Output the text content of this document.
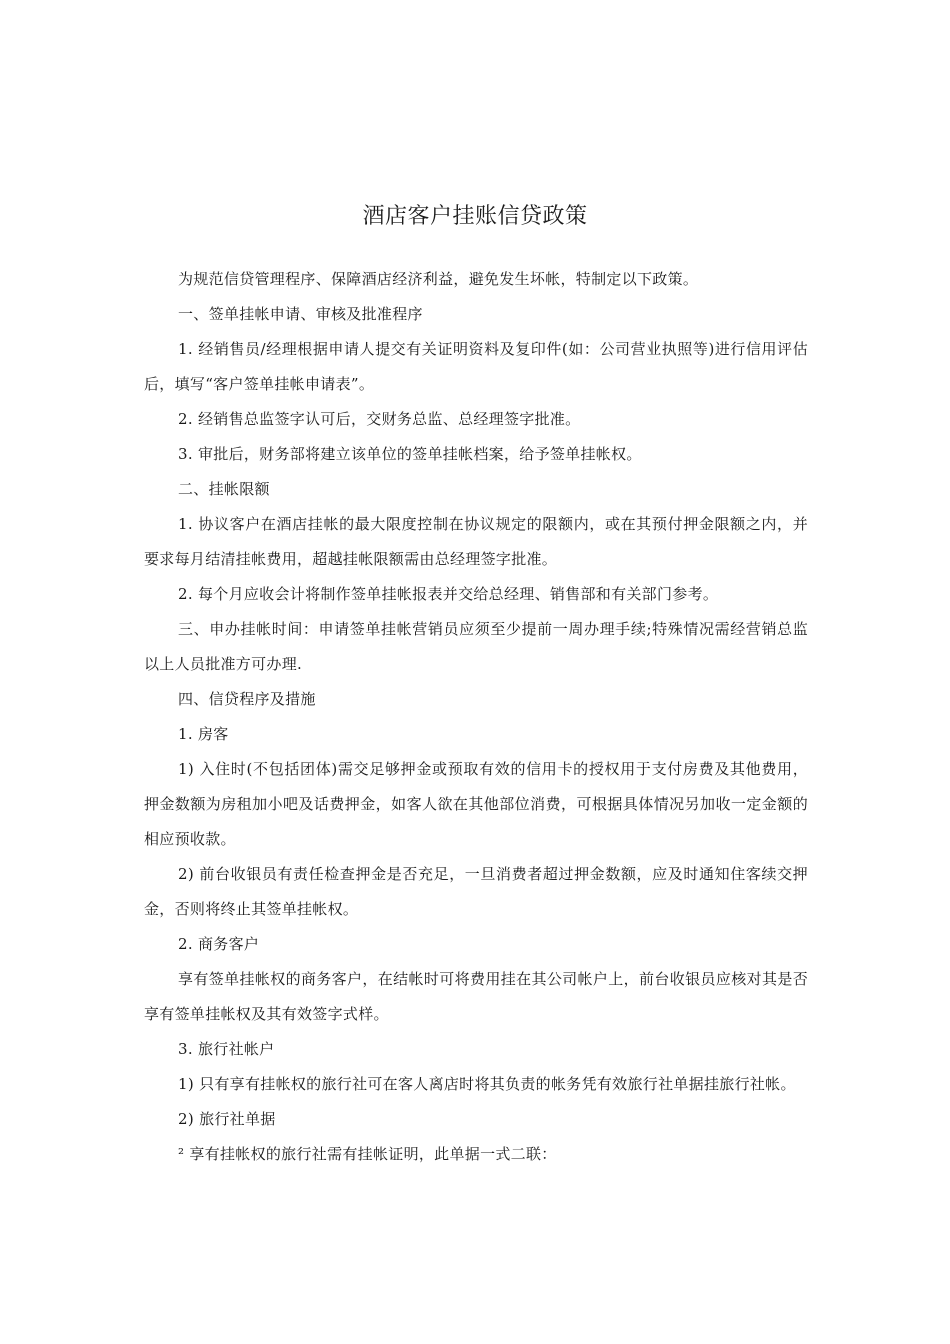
酒店客户挂账信贷政策

为规范信贷管理程序、保障酒店经济利益，避免发生坏帐，特制定以下政策。

一、签单挂帐申请、审核及批准程序

1. 经销售员/经理根据申请人提交有关证明资料及复印件(如：公司营业执照等)进行信用评估后，填写“客户签单挂帐申请表”。

2. 经销售总监签字认可后，交财务总监、总经理签字批准。

3. 审批后，财务部将建立该单位的签单挂帐档案，给予签单挂帐权。

二、挂帐限额

1. 协议客户在酒店挂帐的最大限度控制在协议规定的限额内，或在其预付押金限额之内，并要求每月结清挂帐费用，超越挂帐限额需由总经理签字批准。

2. 每个月应收会计将制作签单挂帐报表并交给总经理、销售部和有关部门参考。

三、申办挂帐时间：申请签单挂帐营销员应须至少提前一周办理手续;特殊情况需经营销总监以上人员批准方可办理.

四、信贷程序及措施

1. 房客

1) 入住时(不包括团体)需交足够押金或预取有效的信用卡的授权用于支付房费及其他费用，押金数额为房租加小吧及话费押金，如客人欲在其他部位消费，可根据具体情况另加收一定金额的相应预收款。

2) 前台收银员有责任检查押金是否充足，一旦消费者超过押金数额，应及时通知住客续交押金，否则将终止其签单挂帐权。

2. 商务客户

享有签单挂帐权的商务客户，在结帐时可将费用挂在其公司帐户上，前台收银员应核对其是否享有签单挂帐权及其有效签字式样。

3. 旅行社帐户

1) 只有享有挂帐权的旅行社可在客人离店时将其负责的帐务凭有效旅行社单据挂旅行社帐。

2) 旅行社单据

² 享有挂帐权的旅行社需有挂帐证明，此单据一式二联：
